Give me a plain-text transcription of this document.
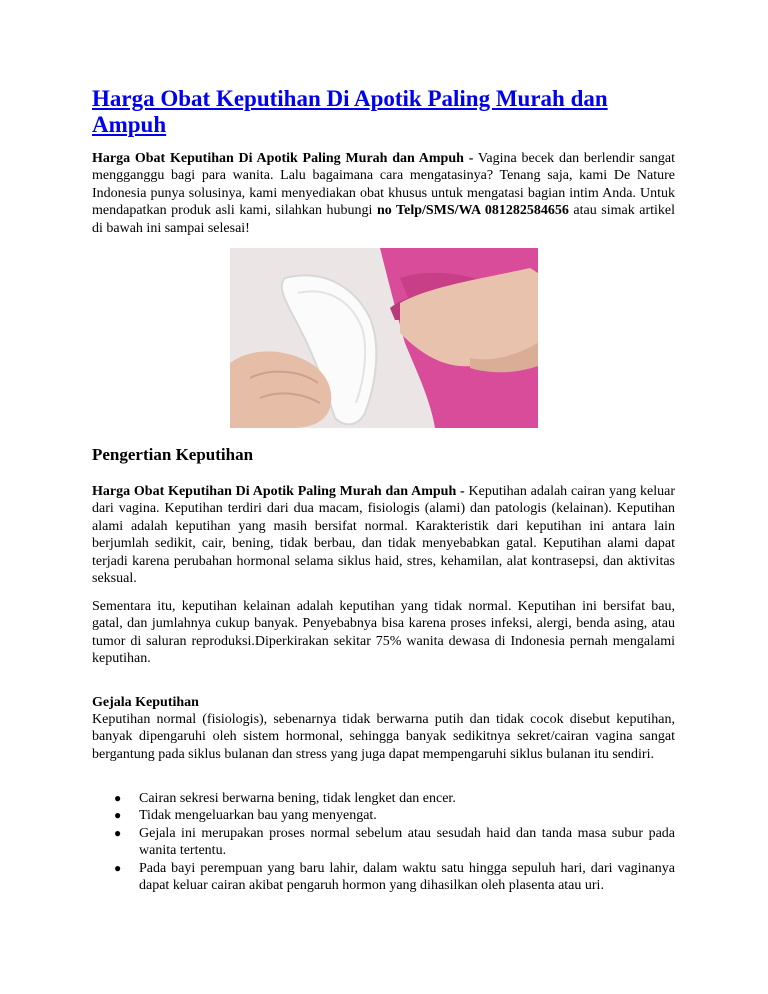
Harga Obat Keputihan Di Apotik Paling Murah dan Ampuh

Harga Obat Keputihan Di Apotik Paling Murah dan Ampuh - Vagina becek dan berlendir sangat mengganggu bagi para wanita. Lalu bagaimana cara mengatasinya? Tenang saja, kami De Nature Indonesia punya solusinya, kami menyediakan obat khusus untuk mengatasi bagian intim Anda. Untuk mendapatkan produk asli kami, silahkan hubungi no Telp/SMS/WA 081282584656 atau simak artikel di bawah ini sampai selesai!

Pengertian Keputihan

Harga Obat Keputihan Di Apotik Paling Murah dan Ampuh - Keputihan adalah cairan yang keluar dari vagina. Keputihan terdiri dari dua macam, fisiologis (alami) dan patologis (kelainan). Keputihan alami adalah keputihan yang masih bersifat normal. Karakteristik dari keputihan ini antara lain berjumlah sedikit, cair, bening, tidak berbau, dan tidak menyebabkan gatal. Keputihan alami dapat terjadi karena perubahan hormonal selama siklus haid, stres, kehamilan, alat kontrasepsi, dan aktivitas seksual.

Sementara itu, keputihan kelainan adalah keputihan yang tidak normal. Keputihan ini bersifat bau, gatal, dan jumlahnya cukup banyak. Penyebabnya bisa karena proses infeksi, alergi, benda asing, atau tumor di saluran reproduksi.Diperkirakan sekitar 75% wanita dewasa di Indonesia pernah mengalami keputihan.

Gejala Keputihan

Keputihan normal (fisiologis), sebenarnya tidak berwarna putih dan tidak cocok disebut keputihan, banyak dipengaruhi oleh sistem hormonal, sehingga banyak sedikitnya sekret/cairan vagina sangat bergantung pada siklus bulanan dan stress yang juga dapat mempengaruhi siklus bulanan itu sendiri.

● Cairan sekresi berwarna bening, tidak lengket dan encer.
● Tidak mengeluarkan bau yang menyengat.
● Gejala ini merupakan proses normal sebelum atau sesudah haid dan tanda masa subur pada wanita tertentu.
● Pada bayi perempuan yang baru lahir, dalam waktu satu hingga sepuluh hari, dari vaginanya dapat keluar cairan akibat pengaruh hormon yang dihasilkan oleh plasenta atau uri.
